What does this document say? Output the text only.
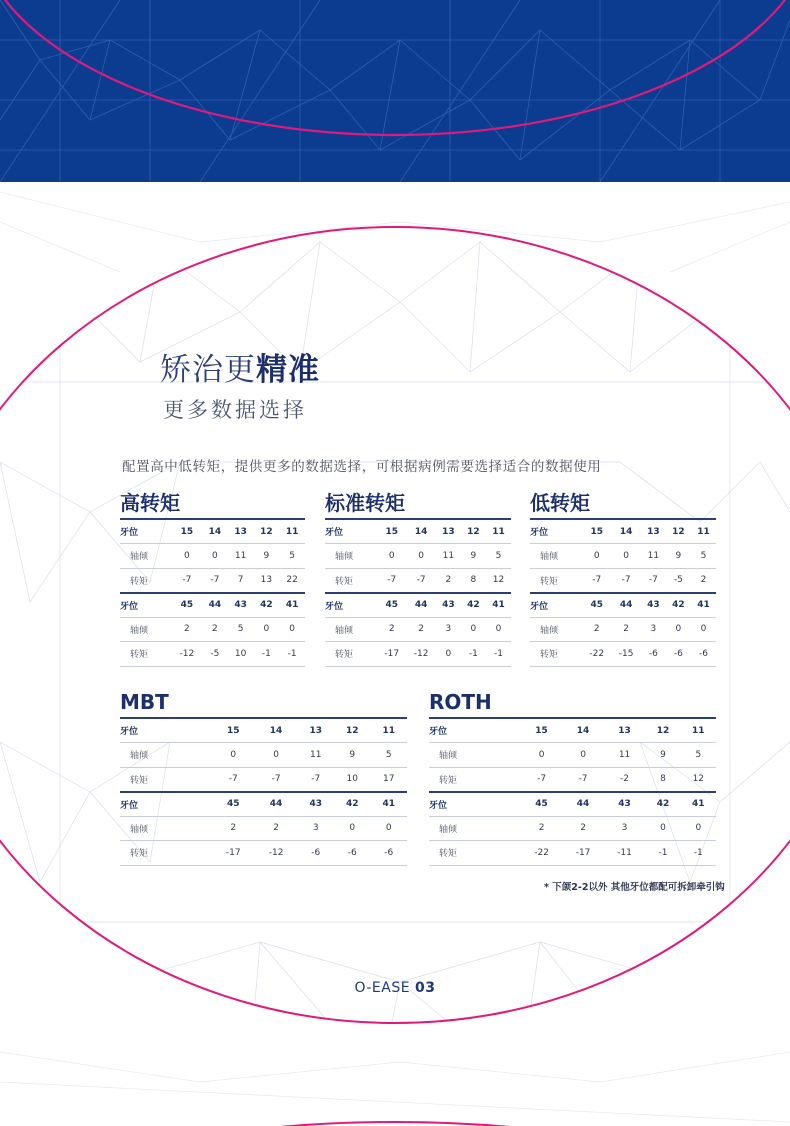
矫治更精准
更多数据选择
配置高中低转矩，提供更多的数据选择，可根据病例需要选择适合的数据使用
高转矩
牙位	15	14	13	12	11
轴倾	0	0	11	9	5
转矩	-7	-7	7	13	22
牙位	45	44	43	42	41
轴倾	2	2	5	0	0
转矩	-12	-5	10	-1	-1
标准转矩
牙位	15	14	13	12	11
轴倾	0	0	11	9	5
转矩	-7	-7	2	8	12
牙位	45	44	43	42	41
轴倾	2	2	3	0	0
转矩	-17	-12	0	-1	-1
低转矩
牙位	15	14	13	12	11
轴倾	0	0	11	9	5
转矩	-7	-7	-7	-5	2
牙位	45	44	43	42	41
轴倾	2	2	3	0	0
转矩	-22	-15	-6	-6	-6
MBT
牙位	15	14	13	12	11
轴倾	0	0	11	9	5
转矩	-7	-7	-7	10	17
牙位	45	44	43	42	41
轴倾	2	2	3	0	0
转矩	-17	-12	-6	-6	-6
ROTH
牙位	15	14	13	12	11
轴倾	0	0	11	9	5
转矩	-7	-7	-2	8	12
牙位	45	44	43	42	41
轴倾	2	2	3	0	0
转矩	-22	-17	-11	-1	-1
* 下颌2-2以外 其他牙位都配可拆卸牵引钩
O-EASE 03
